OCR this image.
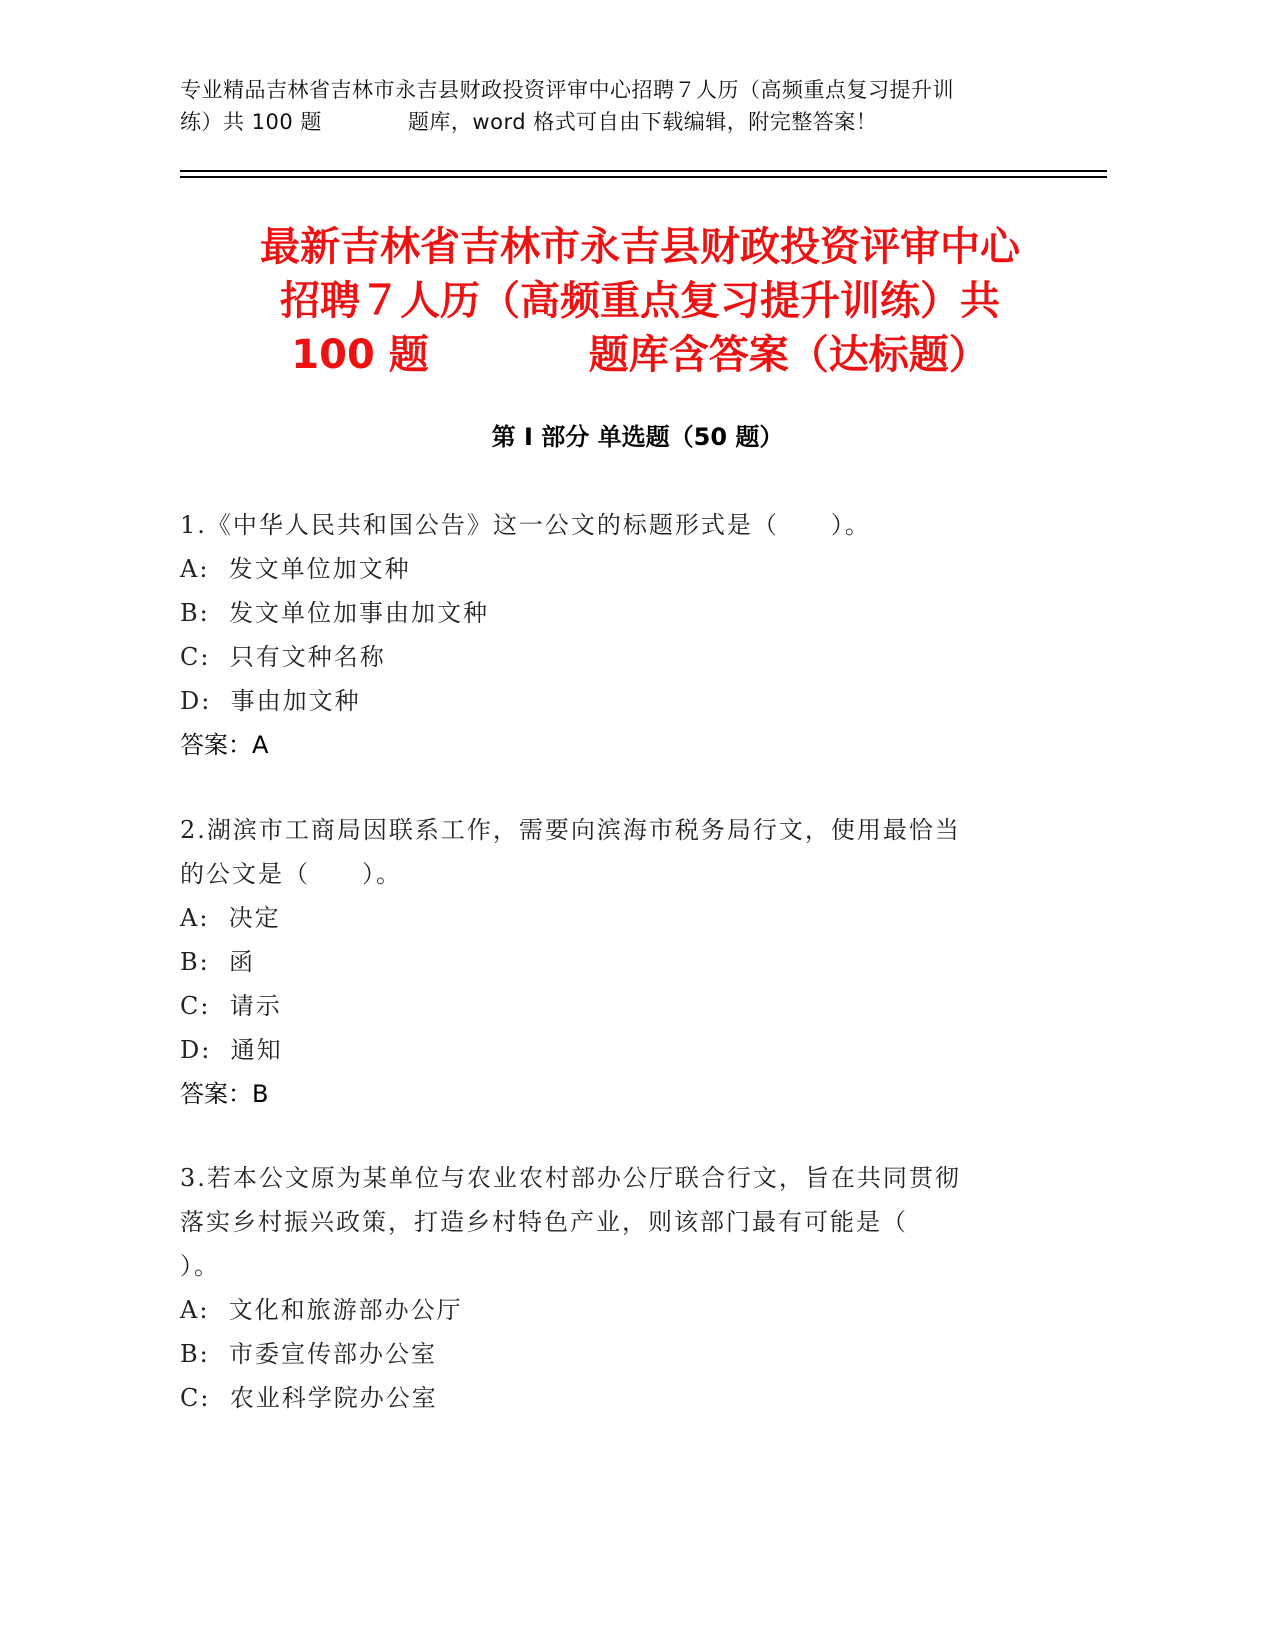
专业精品吉林省吉林市永吉县财政投资评审中心招聘７人历（高频重点复习提升训
练）共 100 题　　　　题库，word 格式可自由下载编辑，附完整答案！
最新吉林省吉林市永吉县财政投资评审中心
招聘７人历（高频重点复习提升训练）共
100 题　　　　题库含答案（达标题）
第 I 部分 单选题（50 题）
1.《中华人民共和国公告》这一公文的标题形式是（　　）。
A:  发文单位加文种
B:  发文单位加事由加文种
C:  只有文种名称
D:  事由加文种
答案：A
2.湖滨市工商局因联系工作，需要向滨海市税务局行文，使用最恰当
的公文是（　　）。
A:  决定
B:  函
C:  请示
D:  通知
答案：B
3.若本公文原为某单位与农业农村部办公厅联合行文，旨在共同贯彻
落实乡村振兴政策，打造乡村特色产业，则该部门最有可能是（
）。
A:  文化和旅游部办公厅
B:  市委宣传部办公室
C:  农业科学院办公室
